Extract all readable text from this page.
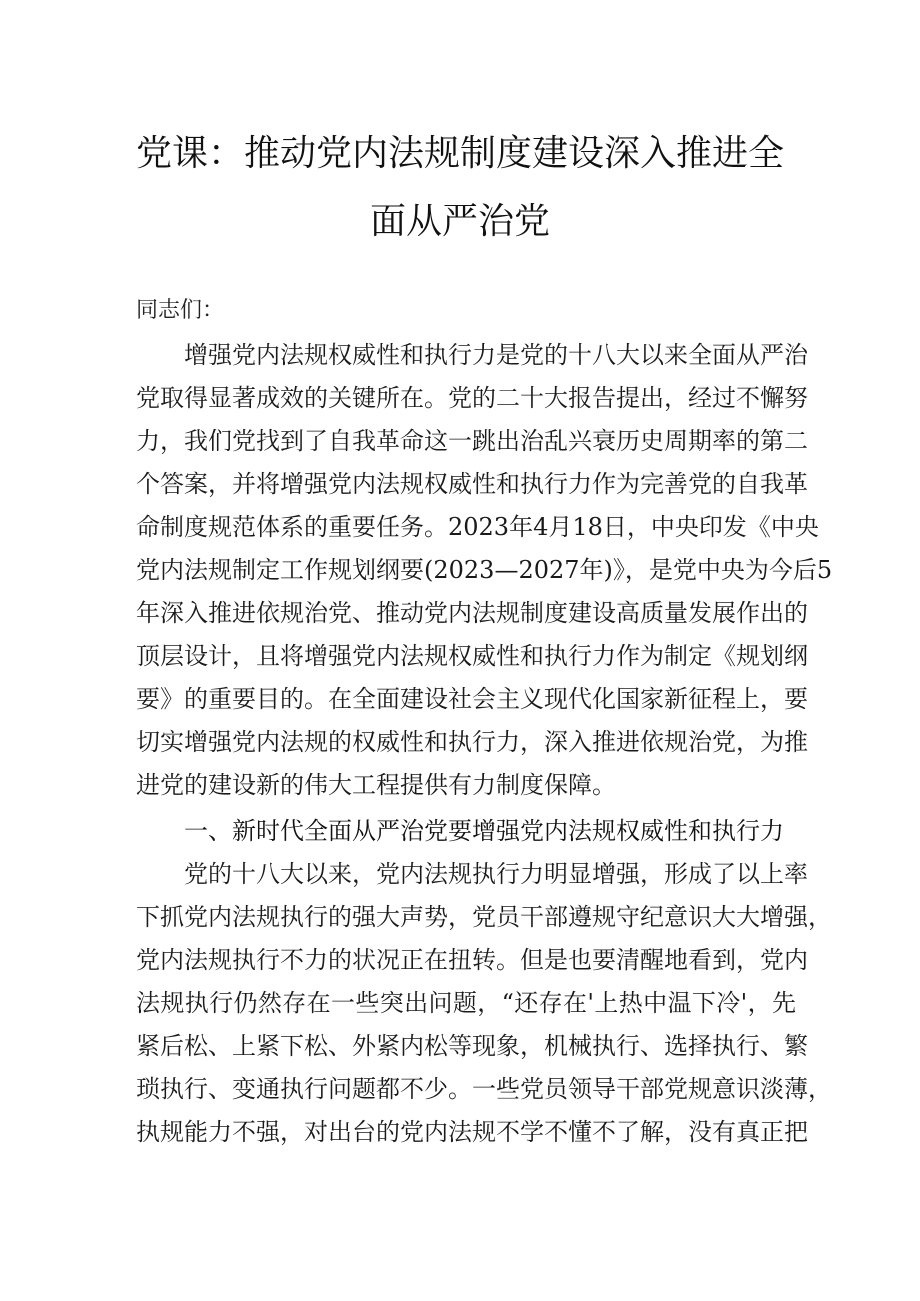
党课：推动党内法规制度建设深入推进全
面从严治党
同志们：
增强党内法规权威性和执行力是党的十八大以来全面从严治
党取得显著成效的关键所在。党的二十大报告提出，经过不懈努
力，我们党找到了自我革命这一跳出治乱兴衰历史周期率的第二
个答案，并将增强党内法规权威性和执行力作为完善党的自我革
命制度规范体系的重要任务。2023年4月18日，中央印发《中央
党内法规制定工作规划纲要(2023—2027年)》，是党中央为今后5
年深入推进依规治党、推动党内法规制度建设高质量发展作出的
顶层设计，且将增强党内法规权威性和执行力作为制定《规划纲
要》的重要目的。在全面建设社会主义现代化国家新征程上，要
切实增强党内法规的权威性和执行力，深入推进依规治党，为推
进党的建设新的伟大工程提供有力制度保障。
一、新时代全面从严治党要增强党内法规权威性和执行力
党的十八大以来，党内法规执行力明显增强，形成了以上率
下抓党内法规执行的强大声势，党员干部遵规守纪意识大大增强，
党内法规执行不力的状况正在扭转。但是也要清醒地看到，党内
法规执行仍然存在一些突出问题，“还存在'上热中温下冷'，先
紧后松、上紧下松、外紧内松等现象，机械执行、选择执行、繁
琐执行、变通执行问题都不少。一些党员领导干部党规意识淡薄，
执规能力不强，对出台的党内法规不学不懂不了解，没有真正把
